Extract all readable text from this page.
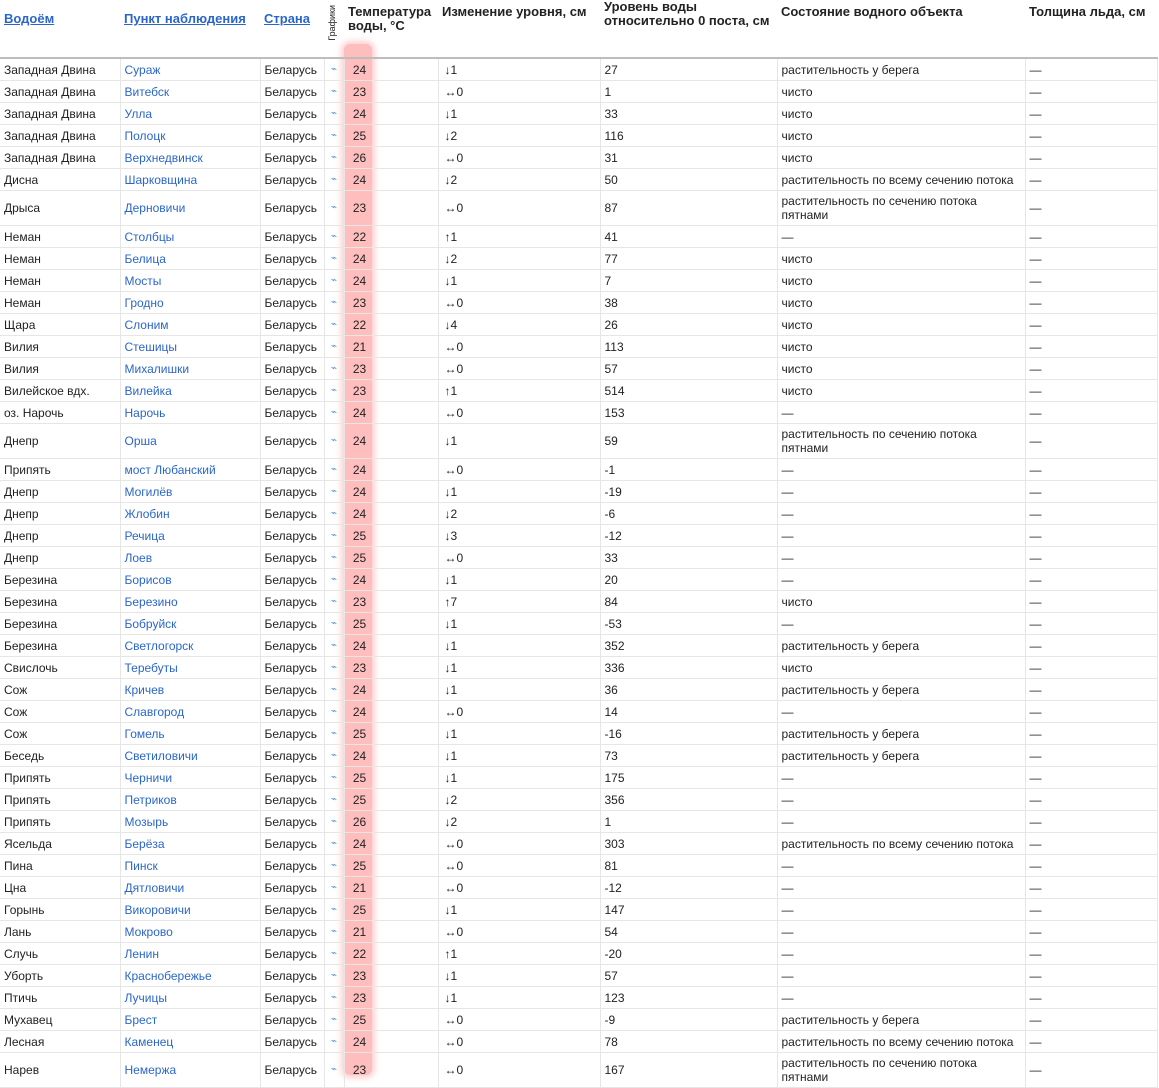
Водоём	Пункт наблюдения	Страна	Графики	Температура воды, °C	Изменение уровня, см	Уровень воды относительно 0 поста, см	Состояние водного объекта	Толщина льда, см
Западная Двина	Сураж	Беларусь	⌁	24	↓1	27	растительность у берега	—
Западная Двина	Витебск	Беларусь	⌁	23	↔0	1	чисто	—
Западная Двина	Улла	Беларусь	⌁	24	↓1	33	чисто	—
Западная Двина	Полоцк	Беларусь	⌁	25	↓2	116	чисто	—
Западная Двина	Верхнедвинск	Беларусь	⌁	26	↔0	31	чисто	—
Дисна	Шарковщина	Беларусь	⌁	24	↓2	50	растительность по всему сечению потока	—
Дрыса	Дерновичи	Беларусь	⌁	23	↔0	87	растительность по сечению потока пятнами	—
Неман	Столбцы	Беларусь	⌁	22	↑1	41	—	—
Неман	Белица	Беларусь	⌁	24	↓2	77	чисто	—
Неман	Мосты	Беларусь	⌁	24	↓1	7	чисто	—
Неман	Гродно	Беларусь	⌁	23	↔0	38	чисто	—
Щара	Слоним	Беларусь	⌁	22	↓4	26	чисто	—
Вилия	Стешицы	Беларусь	⌁	21	↔0	113	чисто	—
Вилия	Михалишки	Беларусь	⌁	23	↔0	57	чисто	—
Вилейское вдх.	Вилейка	Беларусь	⌁	23	↑1	514	чисто	—
оз. Нарочь	Нарочь	Беларусь	⌁	24	↔0	153	—	—
Днепр	Орша	Беларусь	⌁	24	↓1	59	растительность по сечению потока пятнами	—
Припять	мост Любанский	Беларусь	⌁	24	↔0	-1	—	—
Днепр	Могилёв	Беларусь	⌁	24	↓1	-19	—	—
Днепр	Жлобин	Беларусь	⌁	24	↓2	-6	—	—
Днепр	Речица	Беларусь	⌁	25	↓3	-12	—	—
Днепр	Лоев	Беларусь	⌁	25	↔0	33	—	—
Березина	Борисов	Беларусь	⌁	24	↓1	20	—	—
Березина	Березино	Беларусь	⌁	23	↑7	84	чисто	—
Березина	Бобруйск	Беларусь	⌁	25	↓1	-53	—	—
Березина	Светлогорск	Беларусь	⌁	24	↓1	352	растительность у берега	—
Свислочь	Теребуты	Беларусь	⌁	23	↓1	336	чисто	—
Сож	Кричев	Беларусь	⌁	24	↓1	36	растительность у берега	—
Сож	Славгород	Беларусь	⌁	24	↔0	14	—	—
Сож	Гомель	Беларусь	⌁	25	↓1	-16	растительность у берега	—
Беседь	Светиловичи	Беларусь	⌁	24	↓1	73	растительность у берега	—
Припять	Черничи	Беларусь	⌁	25	↓1	175	—	—
Припять	Петриков	Беларусь	⌁	25	↓2	356	—	—
Припять	Мозырь	Беларусь	⌁	26	↓2	1	—	—
Ясельда	Берёза	Беларусь	⌁	24	↔0	303	растительность по всему сечению потока	—
Пина	Пинск	Беларусь	⌁	25	↔0	81	—	—
Цна	Дятловичи	Беларусь	⌁	21	↔0	-12	—	—
Горынь	Викоровичи	Беларусь	⌁	25	↓1	147	—	—
Лань	Мокрово	Беларусь	⌁	21	↔0	54	—	—
Случь	Ленин	Беларусь	⌁	22	↑1	-20	—	—
Уборть	Краснобережье	Беларусь	⌁	23	↓1	57	—	—
Птичь	Лучицы	Беларусь	⌁	23	↓1	123	—	—
Мухавец	Брест	Беларусь	⌁	25	↔0	-9	растительность у берега	—
Лесная	Каменец	Беларусь	⌁	24	↔0	78	растительность по всему сечению потока	—
Нарев	Немержа	Беларусь	⌁	23	↔0	167	растительность по сечению потока пятнами	—
